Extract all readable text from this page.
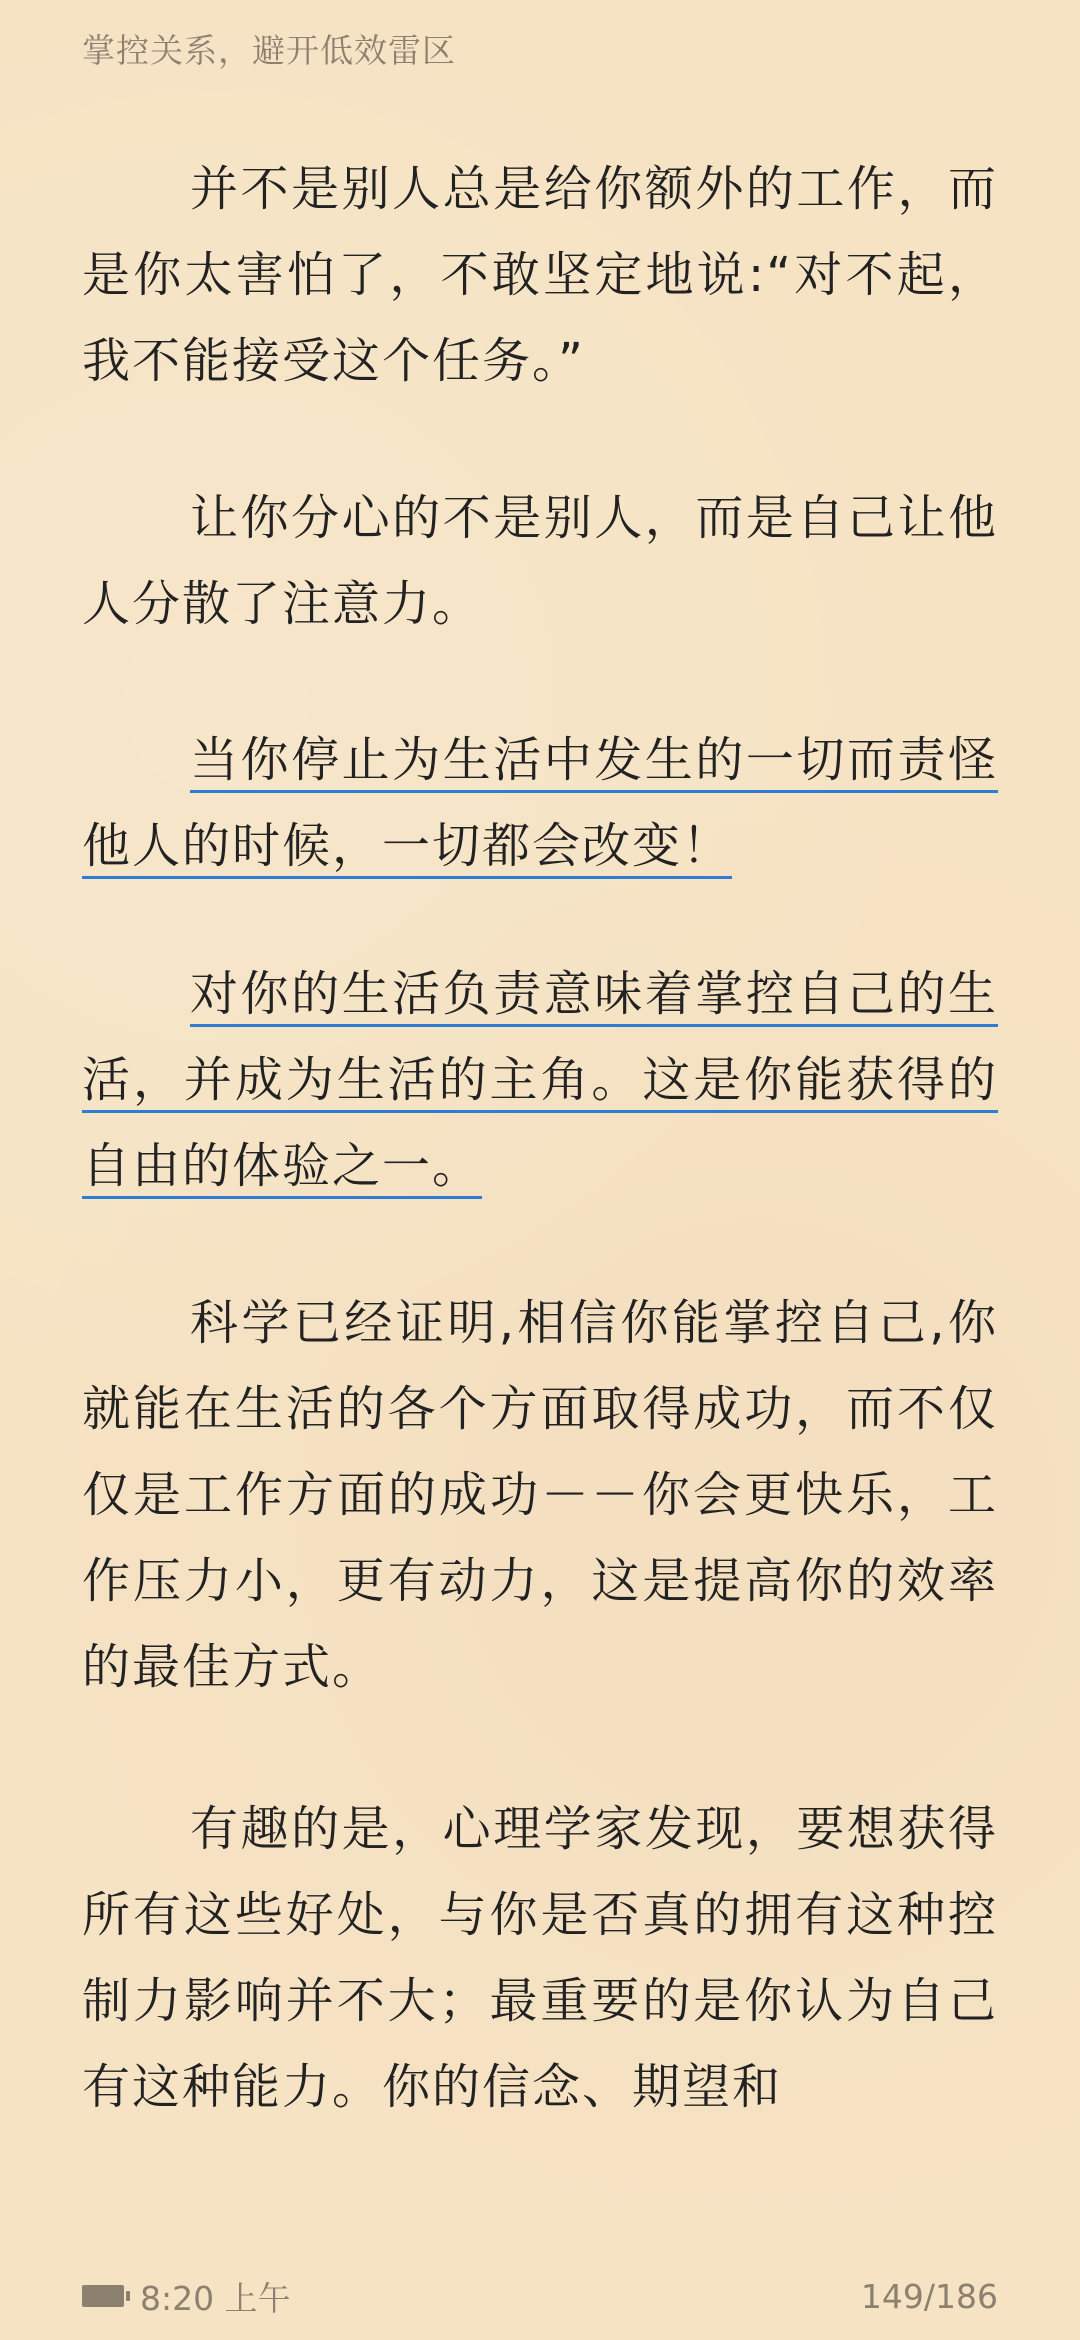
掌控关系，避开低效雷区

并不是别人总是给你额外的工作，而是你太害怕了，不敢坚定地说:“对不起，我不能接受这个任务。”

让你分心的不是别人，而是自己让他人分散了注意力。

当你停止为生活中发生的一切而责怪他人的时候，一切都会改变！

对你的生活负责意味着掌控自己的生活，并成为生活的主角。这是你能获得的自由的体验之一。

科学已经证明,相信你能掌控自己,你就能在生活的各个方面取得成功，而不仅仅是工作方面的成功－－你会更快乐，工作压力小，更有动力，这是提高你的效率的最佳方式。

有趣的是，心理学家发现，要想获得所有这些好处，与你是否真的拥有这种控制力影响并不大；最重要的是你认为自己有这种能力。你的信念、期望和

8:20 上午	149/186
